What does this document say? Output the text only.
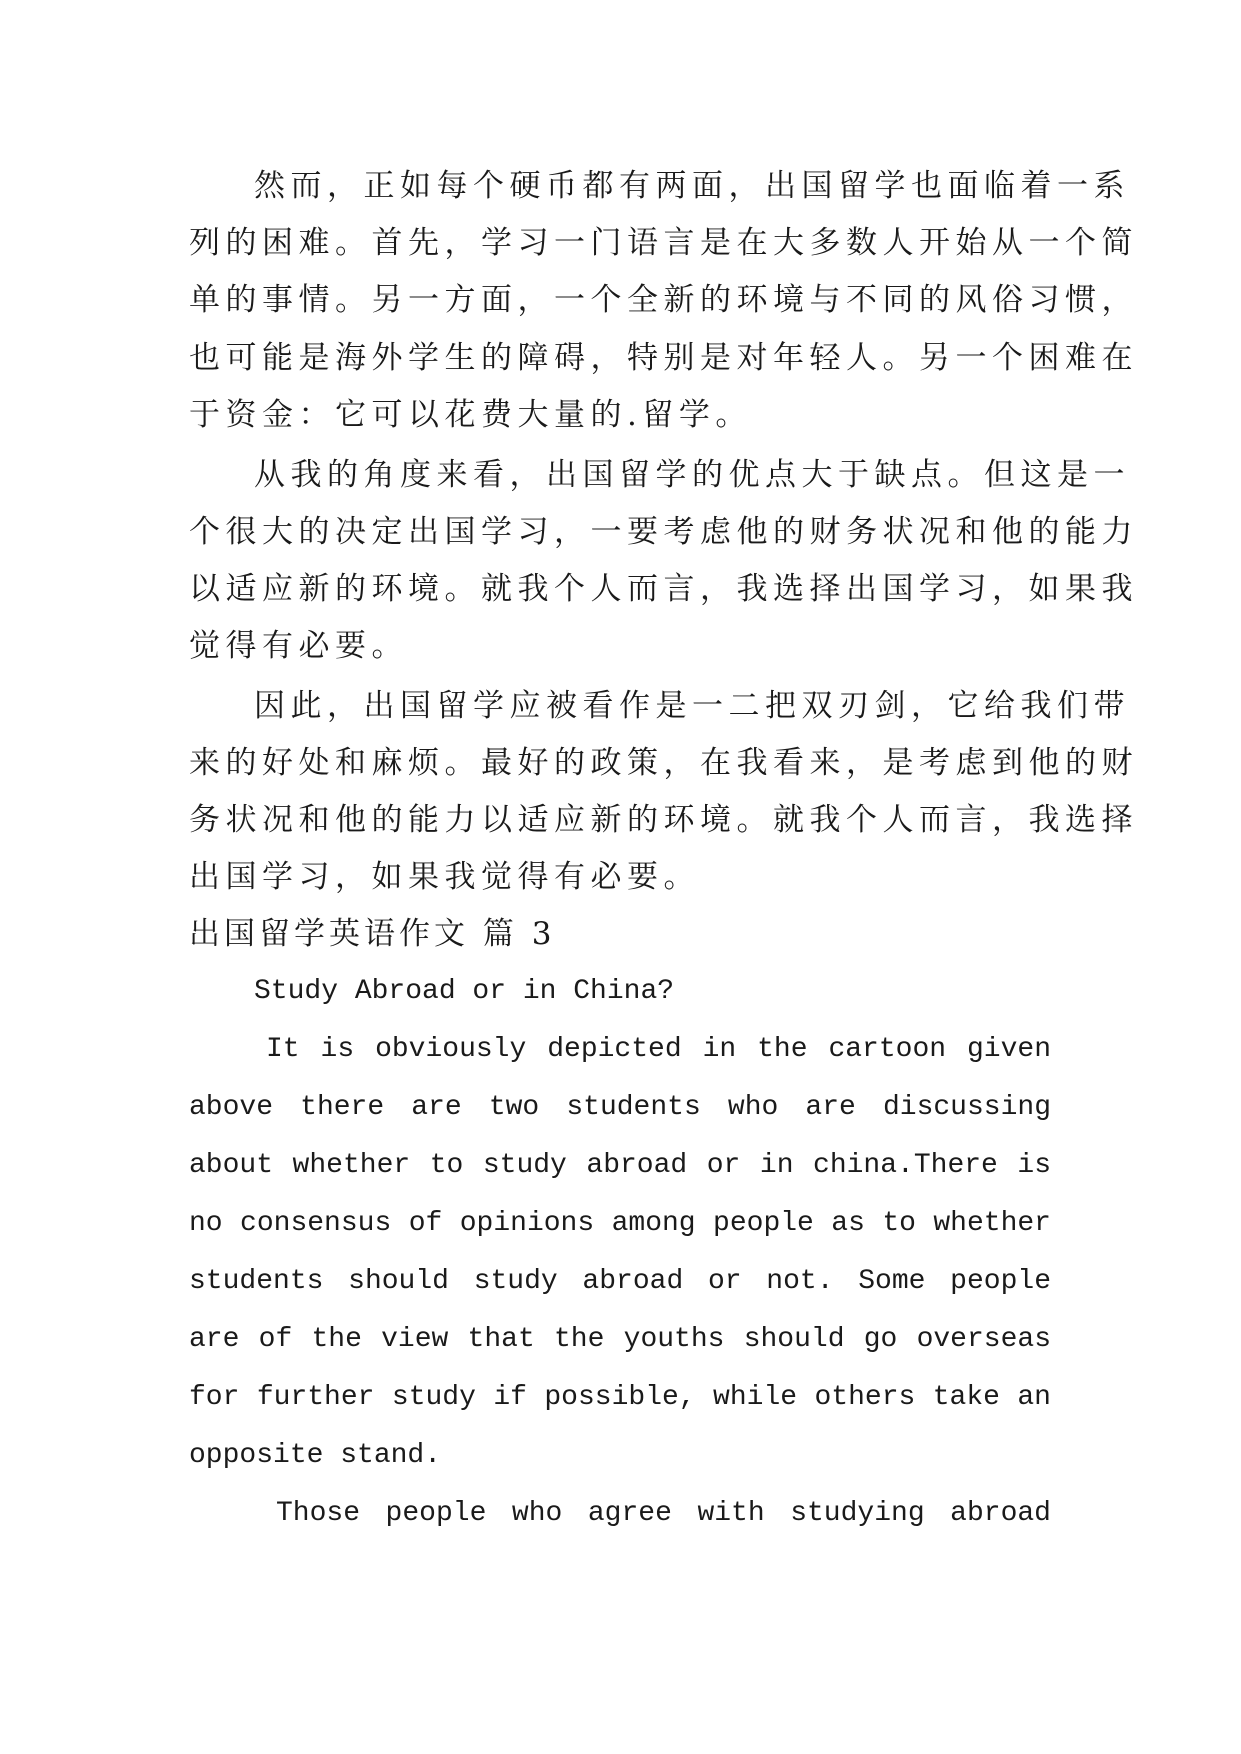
然而，正如每个硬币都有两面，出国留学也面临着一系

列的困难。首先，学习一门语言是在大多数人开始从一个简

单的事情。另一方面，一个全新的环境与不同的风俗习惯，

也可能是海外学生的障碍，特别是对年轻人。另一个困难在

于资金：它可以花费大量的.留学。

从我的角度来看，出国留学的优点大于缺点。但这是一

个很大的决定出国学习，一要考虑他的财务状况和他的能力

以适应新的环境。就我个人而言，我选择出国学习，如果我

觉得有必要。

因此，出国留学应被看作是一二把双刃剑，它给我们带

来的好处和麻烦。最好的政策，在我看来，是考虑到他的财

务状况和他的能力以适应新的环境。就我个人而言，我选择

出国学习，如果我觉得有必要。

出国留学英语作文 篇 3

Study Abroad or in China?

It is obviously depicted in the cartoon given

above there are two students who are discussing

about whether to study abroad or in china.There is

no consensus of opinions among people as to whether

students should study abroad or not. Some people

are of the view that the youths should go overseas

for further study if possible, while others take an

opposite stand.

Those people who agree with studying abroad
